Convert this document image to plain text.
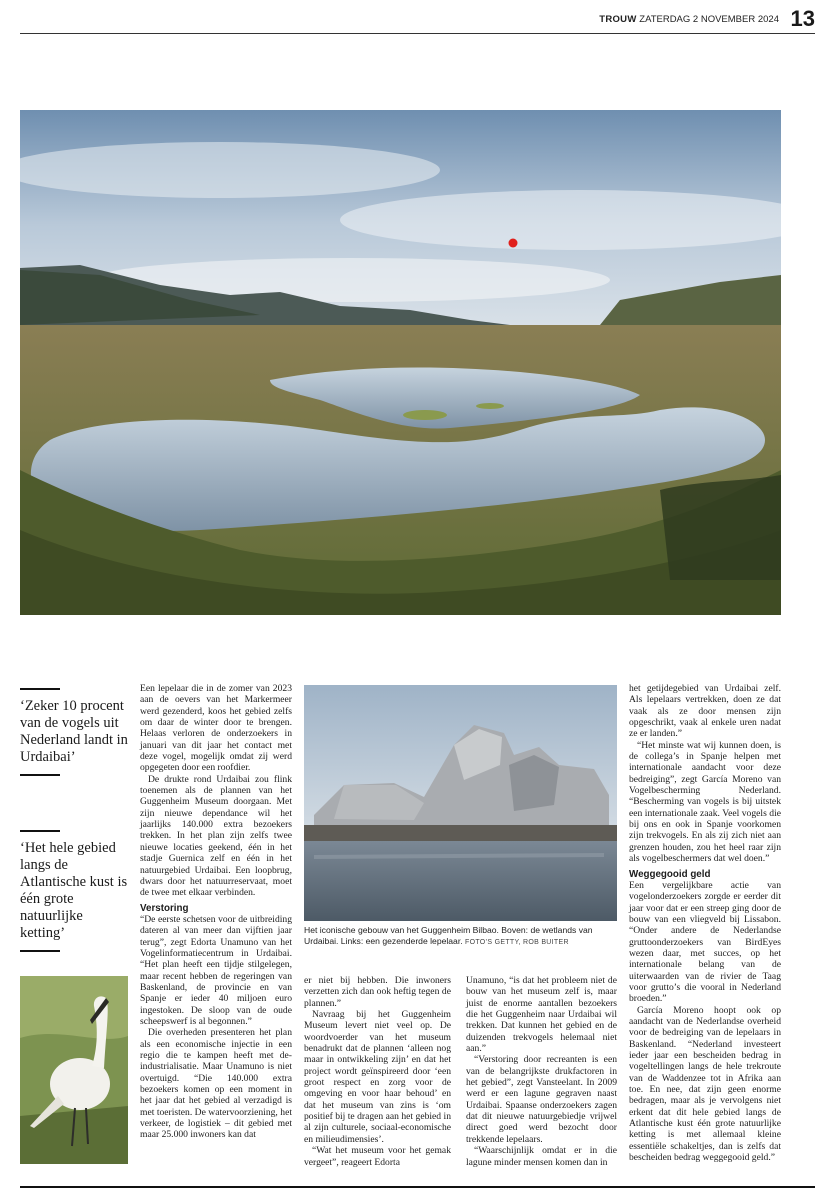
TROUW ZATERDAG 2 NOVEMBER 2024 13
‘Zeker 10 procent van de vogels uit Nederland landt in Urdaibai’
‘Het hele gebied langs de Atlantische kust is één grote natuurlijke ketting’

Een lepelaar die in de zomer van 2023 aan de oevers van het Markermeer werd gezenderd, koos het gebied zelfs om daar de winter door te brengen. Helaas verloren de onderzoekers in januari van dit jaar het contact met deze vogel, mogelijk omdat zij werd opgegeten door een roofdier.

De drukte rond Urdaibai zou flink toenemen als de plannen van het Guggenheim Museum doorgaan. Met zijn nieuwe dependance wil het jaarlijks 140.000 extra bezoekers trekken. In het plan zijn zelfs twee nieuwe locaties geekend, één in het stadje Guernica zelf en één in het natuurgebied Urdaibai. Een loopbrug, dwars door het natuurreservaat, moet de twee met elkaar verbinden.

Verstoring

“De eerste schetsen voor de uitbreiding dateren al van meer dan vijftien jaar terug”, zegt Edorta Unamuno van het Vogelinformatiecentrum in Urdaibai. “Het plan heeft een tijdje stilgelegen, maar recent hebben de regeringen van Baskenland, de provincie en van Spanje er ieder 40 miljoen euro ingestoken. De sloop van de oude scheepswerf is al begonnen.”

Die overheden presenteren het plan als een economische injectie in een regio die te kampen heeft met de-industrialisatie. Maar Unamuno is niet overtuigd. “Die 140.000 extra bezoekers komen op een moment in het jaar dat het gebied al verzadigd is met toeristen. De watervoorziening, het verkeer, de logistiek – dit gebied met maar 25.000 inwoners kan dat

Het iconische gebouw van het Guggenheim Bilbao. Boven: de wetlands van Urdaibai. Links: een gezenderde lepelaar. FOTO’S GETTY, ROB BUITER

er niet bij hebben. Die inwoners verzetten zich dan ook heftig tegen de plannen.”

Navraag bij het Guggenheim Museum levert niet veel op. De woordvoerder van het museum benadrukt dat de plannen ‘alleen nog maar in ontwikkeling zijn’ en dat het project wordt geïnspireerd door ‘een groot respect en zorg voor de omgeving en voor haar behoud’ en dat het museum van zins is ‘om positief bij te dragen aan het gebied in al zijn culturele, sociaal-economische en milieudimensies’.

“Wat het museum voor het gemak vergeet”, reageert Edorta

Unamuno, “is dat het probleem niet de bouw van het museum zelf is, maar juist de enorme aantallen bezoekers die het Guggenheim naar Urdaibai wil trekken. Dat kunnen het gebied en de duizenden trekvogels helemaal niet aan.”

“Verstoring door recreanten is een van de belangrijkste drukfactoren in het gebied”, zegt Vansteelant. In 2009 werd er een lagune gegraven naast Urdaibai. Spaanse onderzoekers zagen dat dit nieuwe natuurgebiedje vrijwel direct goed werd bezocht door trekkende lepelaars.

“Waarschijnlijk omdat er in die lagune minder mensen komen dan in

het getijdegebied van Urdaibai zelf. Als lepelaars vertrekken, doen ze dat vaak als ze door mensen zijn opgeschrikt, vaak al enkele uren nadat ze er landen.”

“Het minste wat wij kunnen doen, is de collega’s in Spanje helpen met internationale aandacht voor deze bedreiging”, zegt García Moreno van Vogelbescherming Nederland. “Bescherming van vogels is bij uitstek een internationale zaak. Veel vogels die bij ons en ook in Spanje voorkomen zijn trekvogels. En als zij zich niet aan grenzen houden, zou het heel raar zijn als vogelbeschermers dat wel doen.”

Weggegooid geld

Een vergelijkbare actie van vogelonderzoekers zorgde er eerder dit jaar voor dat er een streep ging door de bouw van een vliegveld bij Lissabon. “Onder andere de Nederlandse gruttoonderzoekers van BirdEyes wezen daar, met succes, op het internationale belang van de uiterwaarden van de rivier de Taag voor grutto’s die vooral in Nederland broeden.”

García Moreno hoopt ook op aandacht van de Nederlandse overheid voor de bedreiging van de lepelaars in Baskenland. “Nederland investeert ieder jaar een bescheiden bedrag in vogeltellingen langs de hele trekroute van de Waddenzee tot in Afrika aan toe. En nee, dat zijn geen enorme bedragen, maar als je vervolgens niet erkent dat dit hele gebied langs de Atlantische kust één grote natuurlijke ketting is met allemaal kleine essentiële schakeltjes, dan is zelfs dat bescheiden bedrag weggegooid geld.”
